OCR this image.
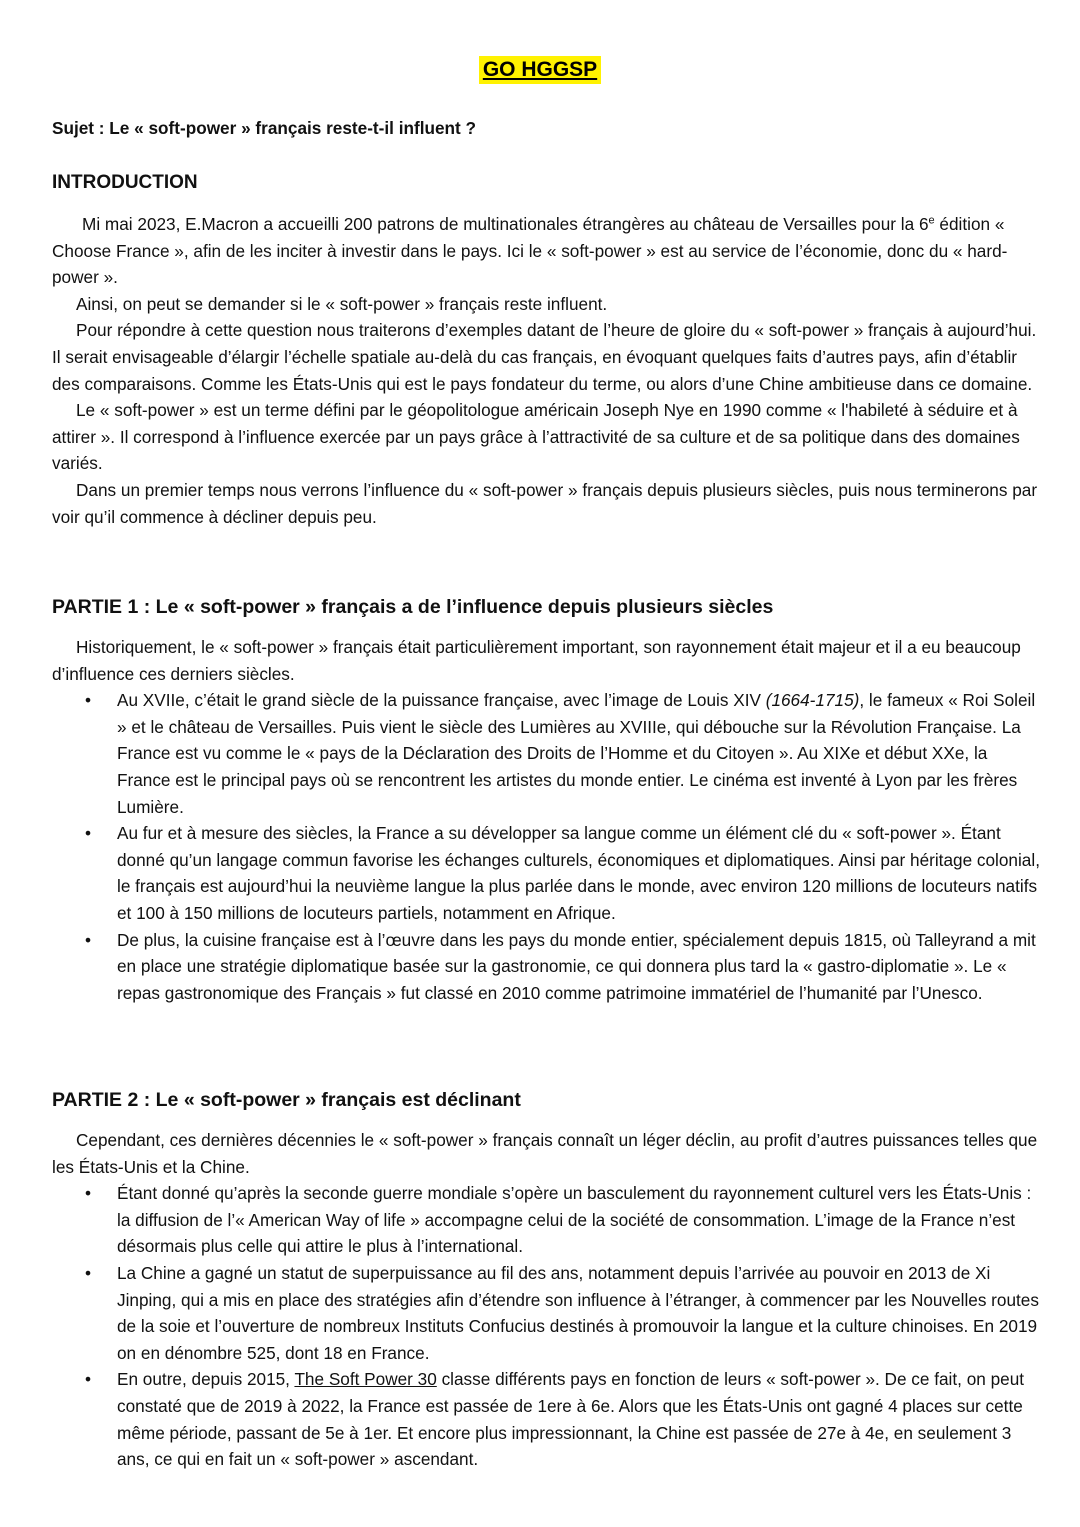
GO HGGSP
Sujet : Le « soft-power » français reste-t-il influent ?
INTRODUCTION

Mi mai 2023, E.Macron a accueilli 200 patrons de multinationales étrangères au château de Versailles pour la 6e édition « Choose France », afin de les inciter à investir dans le pays. Ici le « soft-power » est au service de l’économie, donc du « hard-power ».

Ainsi, on peut se demander si le « soft-power » français reste influent.

Pour répondre à cette question nous traiterons d’exemples datant de l’heure de gloire du « soft-power » français à aujourd’hui. Il serait envisageable d’élargir l’échelle spatiale au-delà du cas français, en évoquant quelques faits d’autres pays, afin d’établir des comparaisons. Comme les États-Unis qui est le pays fondateur du terme, ou alors d’une Chine ambitieuse dans ce domaine.

Le « soft-power » est un terme défini par le géopolitologue américain Joseph Nye en 1990 comme « l'habileté à séduire et à attirer ». Il correspond à l’influence exercée par un pays grâce à l’attractivité de sa culture et de sa politique dans des domaines variés.

Dans un premier temps nous verrons l’influence du « soft-power » français depuis plusieurs siècles, puis nous terminerons par voir qu’il commence à décliner depuis peu.

PARTIE 1 : Le « soft-power » français a de l’influence depuis plusieurs siècles

Historiquement, le « soft-power » français était particulièrement important, son rayonnement était majeur et il a eu beaucoup d’influence ces derniers siècles.

• Au XVIIe, c’était le grand siècle de la puissance française, avec l’image de Louis XIV (1664-1715), le fameux « Roi Soleil » et le château de Versailles. Puis vient le siècle des Lumières au XVIIIe, qui débouche sur la Révolution Française. La France est vu comme le « pays de la Déclaration des Droits de l’Homme et du Citoyen ». Au XIXe et début XXe, la France est le principal pays où se rencontrent les artistes du monde entier. Le cinéma est inventé à Lyon par les frères Lumière.
• Au fur et à mesure des siècles, la France a su développer sa langue comme un élément clé du « soft-power ». Étant donné qu’un langage commun favorise les échanges culturels, économiques et diplomatiques. Ainsi par héritage colonial, le français est aujourd’hui la neuvième langue la plus parlée dans le monde, avec environ 120 millions de locuteurs natifs et 100 à 150 millions de locuteurs partiels, notamment en Afrique.
• De plus, la cuisine française est à l’œuvre dans les pays du monde entier, spécialement depuis 1815, où Talleyrand a mit en place une stratégie diplomatique basée sur la gastronomie, ce qui donnera plus tard la « gastro-diplomatie ». Le « repas gastronomique des Français » fut classé en 2010 comme patrimoine immatériel de l’humanité par l’Unesco.
PARTIE 2 : Le « soft-power » français est déclinant

Cependant, ces dernières décennies le « soft-power » français connaît un léger déclin, au profit d’autres puissances telles que les États-Unis et la Chine.

• Étant donné qu’après la seconde guerre mondiale s’opère un basculement du rayonnement culturel vers les États-Unis : la diffusion de l’« American Way of life » accompagne celui de la société de consommation. L’image de la France n’est désormais plus celle qui attire le plus à l’international.
• La Chine a gagné un statut de superpuissance au fil des ans, notamment depuis l’arrivée au pouvoir en 2013 de Xi Jinping, qui a mis en place des stratégies afin d’étendre son influence à l’étranger, à commencer par les Nouvelles routes de la soie et l’ouverture de nombreux Instituts Confucius destinés à promouvoir la langue et la culture chinoises. En 2019 on en dénombre 525, dont 18 en France.
• En outre, depuis 2015, The Soft Power 30 classe différents pays en fonction de leurs « soft-power ». De ce fait, on peut constaté que de 2019 à 2022, la France est passée de 1ere à 6e. Alors que les États-Unis ont gagné 4 places sur cette même période, passant de 5e à 1er. Et encore plus impressionnant, la Chine est passée de 27e à 4e, en seulement 3 ans, ce qui en fait un « soft-power » ascendant.
